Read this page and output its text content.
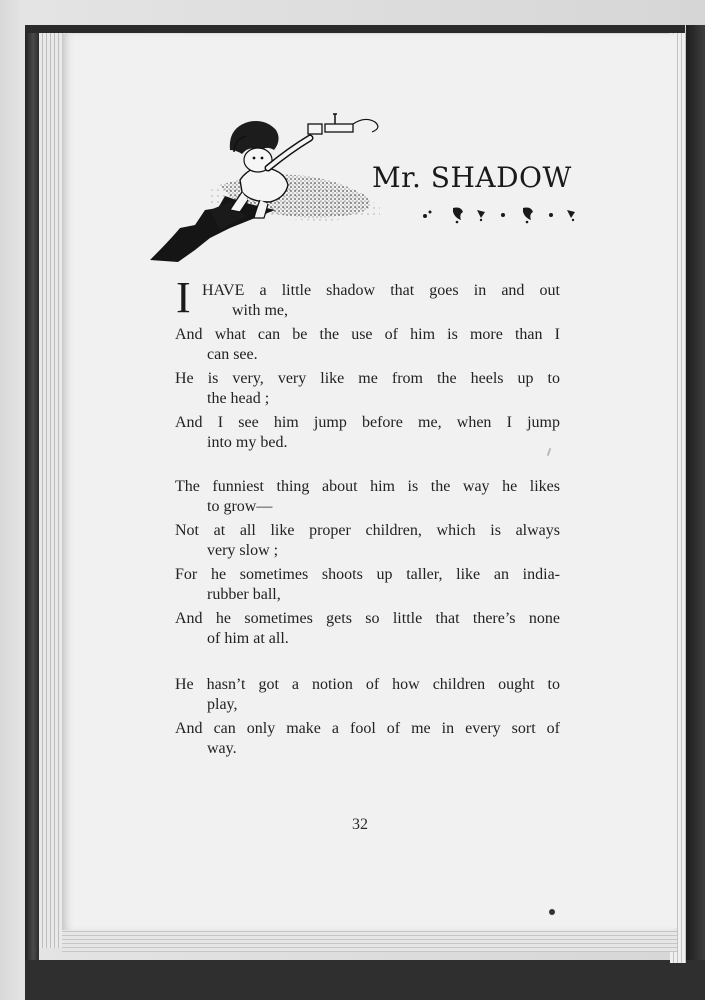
Mr. SHADOW
I HAVE a little shadow that goes in and out
with me,
And what can be the use of him is more than I
can see.
He is very, very like me from the heels up to
the head ;
And I see him jump before me, when I jump
into my bed.
The funniest thing about him is the way he likes
to grow—
Not at all like proper children, which is always
very slow ;
For he sometimes shoots up taller, like an india-
rubber ball,
And he sometimes gets so little that there’s none
of him at all.
He hasn’t got a notion of how children ought to
play,
And can only make a fool of me in every sort of
way.
32
